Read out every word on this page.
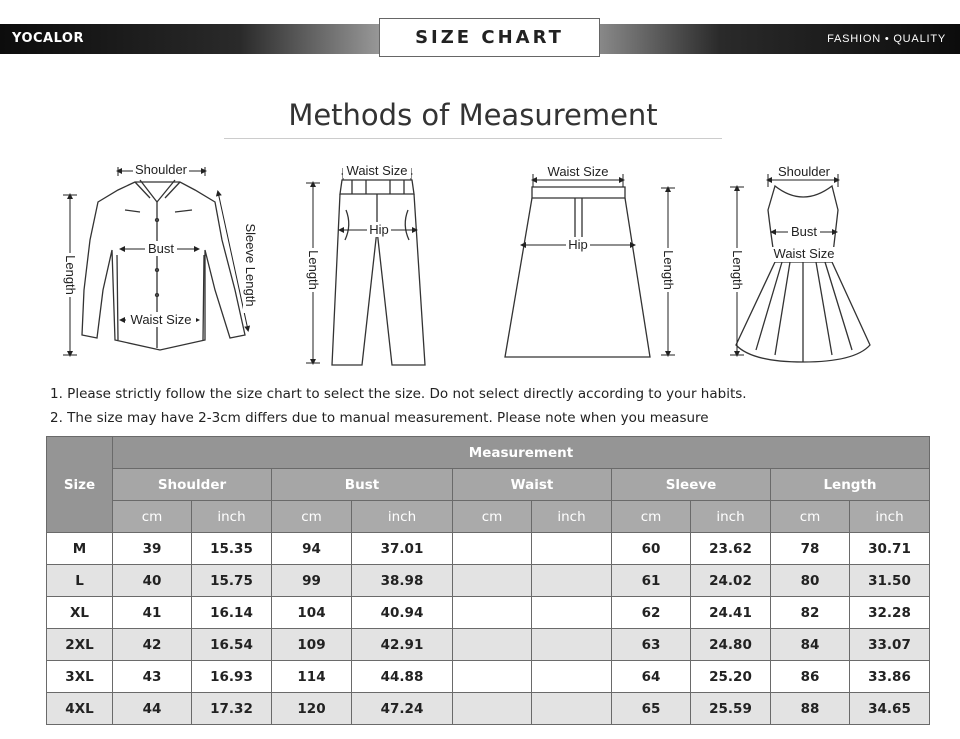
YOCALOR	FASHION • QUALITY
SIZE CHART
Methods of Measurement
Shoulder
Bust
Waist Size
Length	Sleeve Length
Waist Size
Hip
Length
Waist Size
Hip
Length
Shoulder
Bust
Waist Size
Length
1. Please strictly follow the size chart to select the size. Do not select directly according to your habits.
2. The size may have 2-3cm differs due to manual measurement. Please note when you measure
Size	Measurement									
	Shoulder		Bust		Waist		Sleeve		Length	
	cm	inch	cm	inch	cm	inch	cm	inch	cm	inch
M	39	15.35	94	37.01			60	23.62	78	30.71
L	40	15.75	99	38.98			61	24.02	80	31.50
XL	41	16.14	104	40.94			62	24.41	82	32.28
2XL	42	16.54	109	42.91			63	24.80	84	33.07
3XL	43	16.93	114	44.88			64	25.20	86	33.86
4XL	44	17.32	120	47.24			65	25.59	88	34.65
